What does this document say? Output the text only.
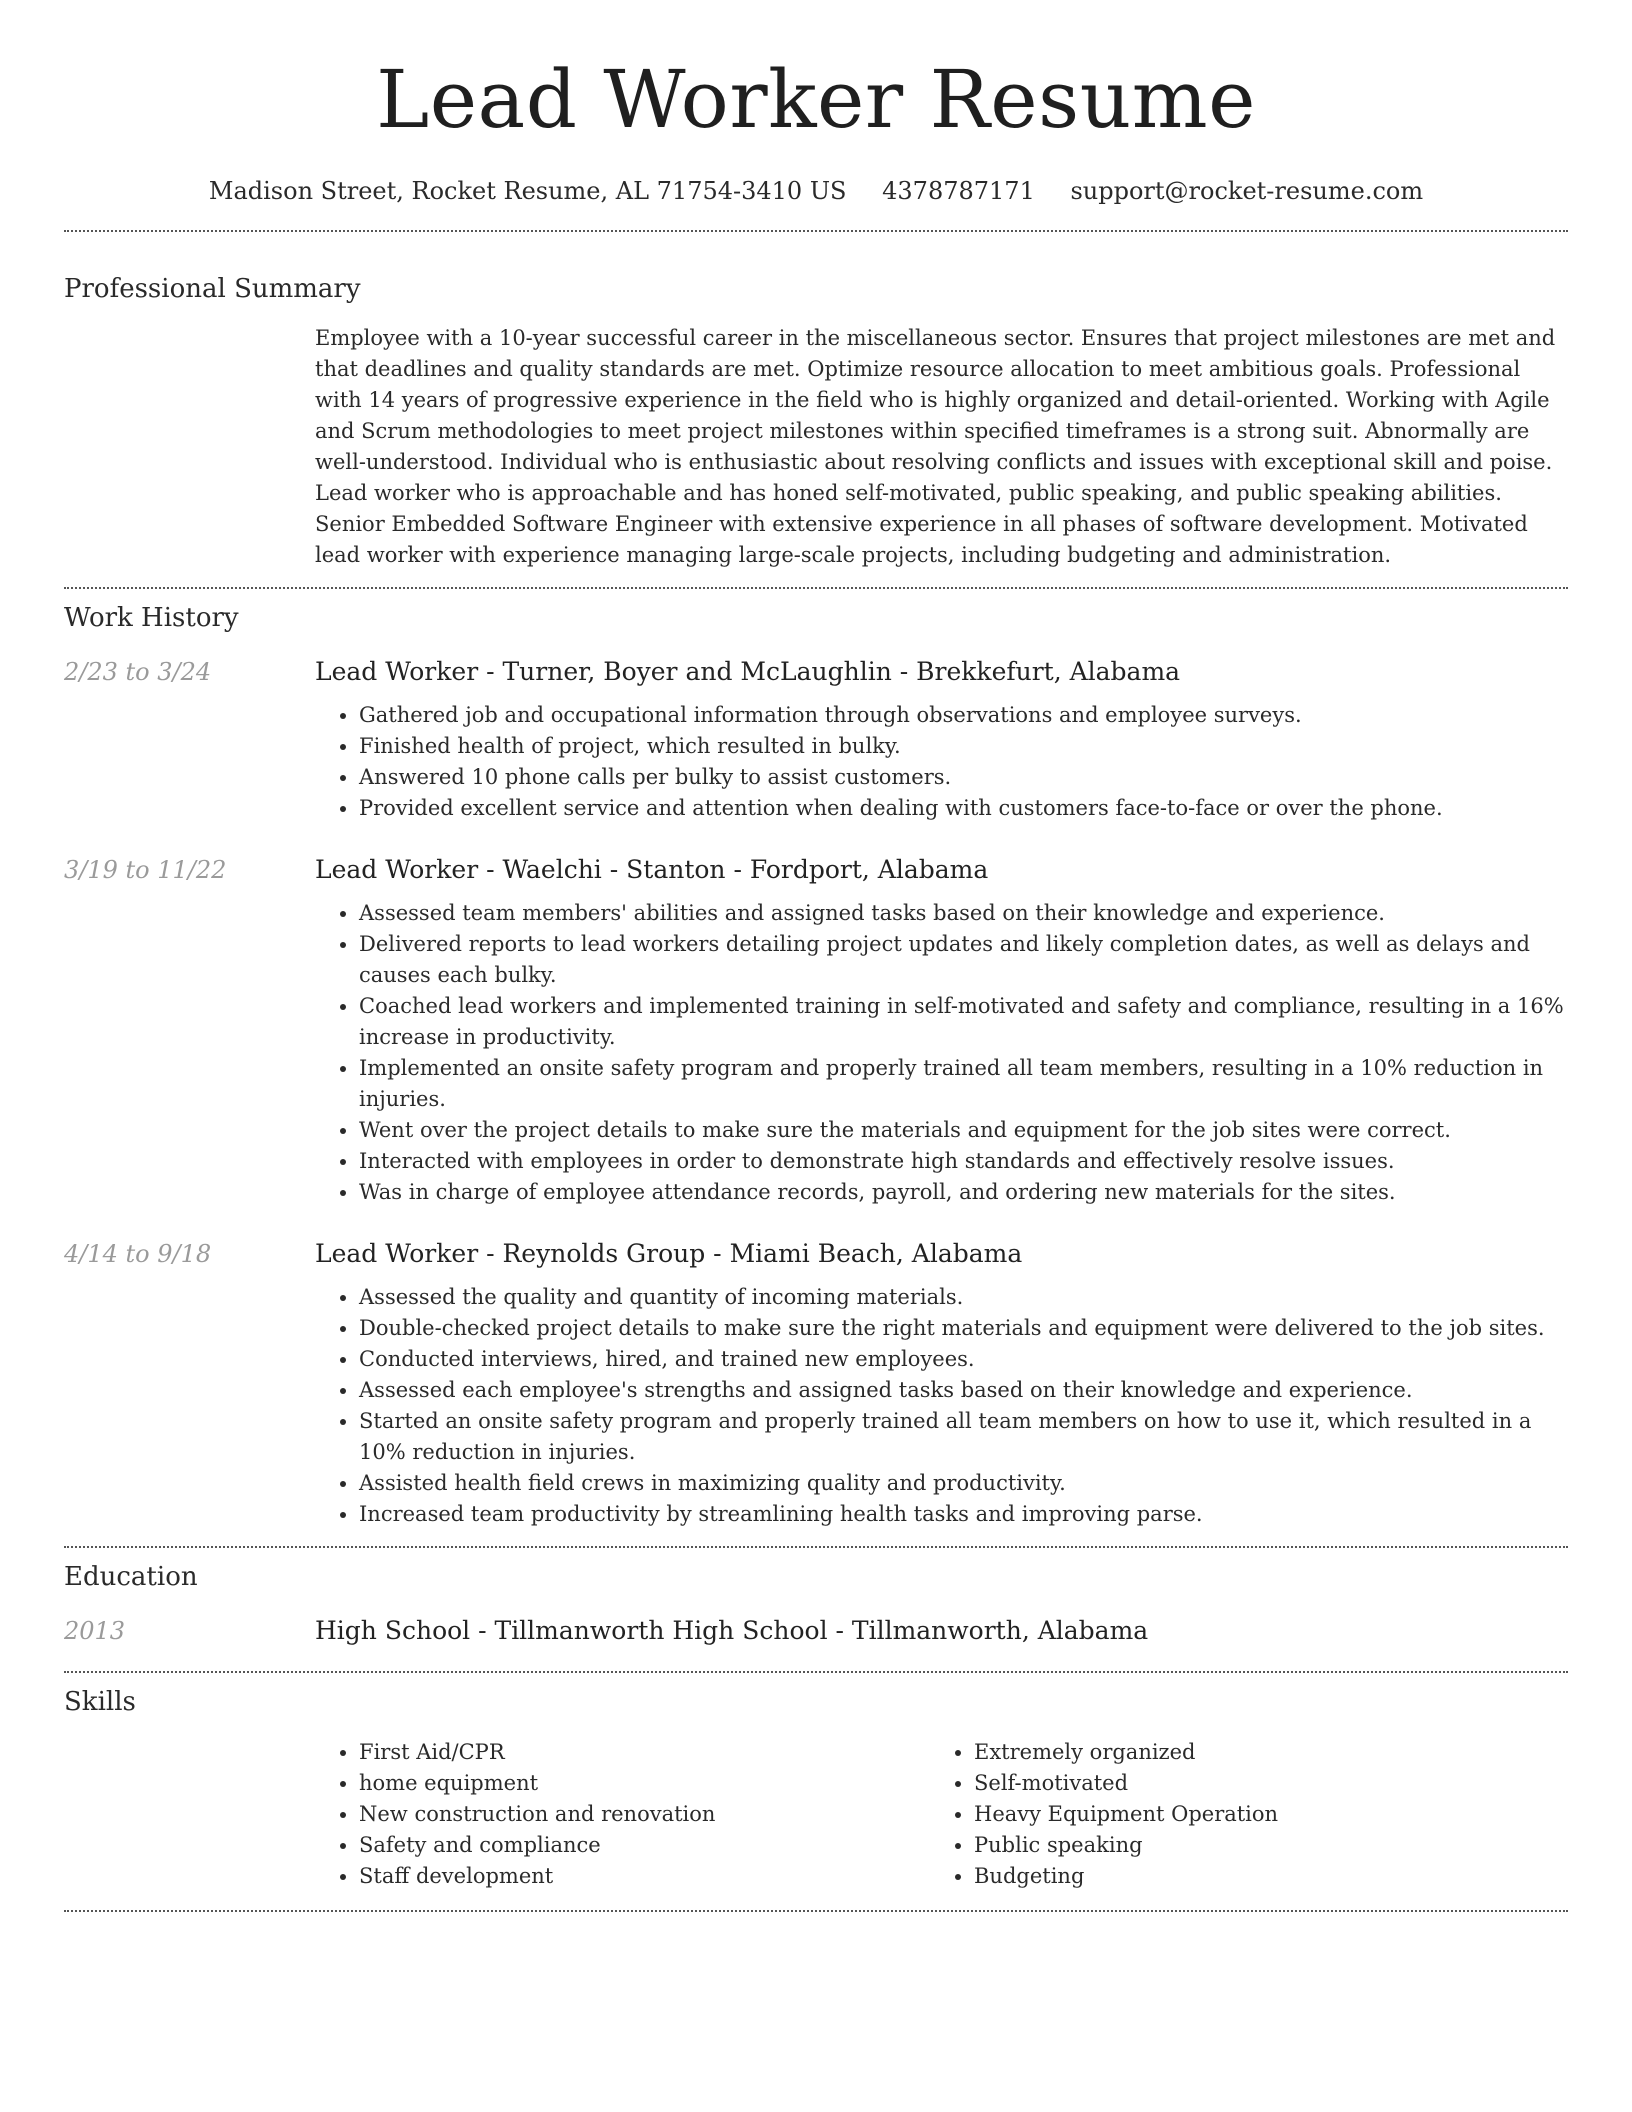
Lead Worker Resume
Madison Street, Rocket Resume, AL 71754-3410 US 4378787171 support@rocket-resume.com
Professional Summary

Employee with a 10-year successful career in the miscellaneous sector. Ensures that project milestones are met and that deadlines and quality standards are met. Optimize resource allocation to meet ambitious goals. Professional with 14 years of progressive experience in the field who is highly organized and detail-oriented. Working with Agile and Scrum methodologies to meet project milestones within specified timeframes is a strong suit. Abnormally are well-understood. Individual who is enthusiastic about resolving conflicts and issues with exceptional skill and poise. Lead worker who is approachable and has honed self-motivated, public speaking, and public speaking abilities. Senior Embedded Software Engineer with extensive experience in all phases of software development. Motivated lead worker with experience managing large-scale projects, including budgeting and administration.

Work History
2/23 to 3/24	Lead Worker - Turner, Boyer and McLaughlin - Brekkefurt, Alabama
• Gathered job and occupational information through observations and employee surveys.
• Finished health of project, which resulted in bulky.
• Answered 10 phone calls per bulky to assist customers.
• Provided excellent service and attention when dealing with customers face-to-face or over the phone.
3/19 to 11/22	Lead Worker - Waelchi - Stanton - Fordport, Alabama
• Assessed team members' abilities and assigned tasks based on their knowledge and experience.
• Delivered reports to lead workers detailing project updates and likely completion dates, as well as delays and causes each bulky.
• Coached lead workers and implemented training in self-motivated and safety and compliance, resulting in a 16% increase in productivity.
• Implemented an onsite safety program and properly trained all team members, resulting in a 10% reduction in injuries.
• Went over the project details to make sure the materials and equipment for the job sites were correct.
• Interacted with employees in order to demonstrate high standards and effectively resolve issues.
• Was in charge of employee attendance records, payroll, and ordering new materials for the sites.
4/14 to 9/18	Lead Worker - Reynolds Group - Miami Beach, Alabama
• Assessed the quality and quantity of incoming materials.
• Double-checked project details to make sure the right materials and equipment were delivered to the job sites.
• Conducted interviews, hired, and trained new employees.
• Assessed each employee's strengths and assigned tasks based on their knowledge and experience.
• Started an onsite safety program and properly trained all team members on how to use it, which resulted in a 10% reduction in injuries.
• Assisted health field crews in maximizing quality and productivity.
• Increased team productivity by streamlining health tasks and improving parse.
Education
2013	High School - Tillmanworth High School - Tillmanworth, Alabama
Skills
• First Aid/CPR
• home equipment
• New construction and renovation
• Safety and compliance
• Staff development
• Extremely organized
• Self-motivated
• Heavy Equipment Operation
• Public speaking
• Budgeting
